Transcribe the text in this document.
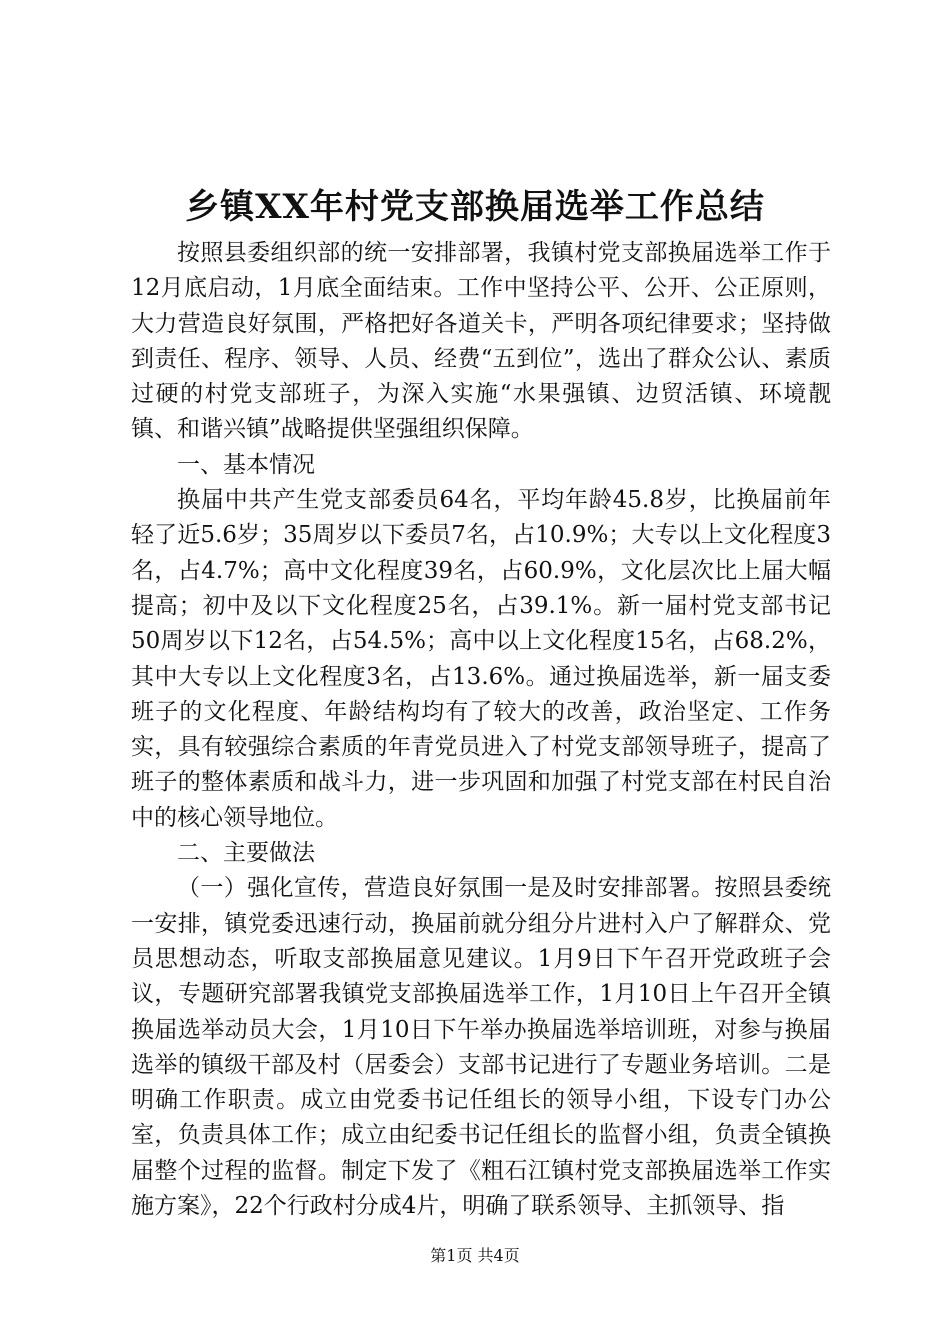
乡镇XX年村党支部换届选举工作总结

按照县委组织部的统一安排部署，我镇村党支部换届选举工作于12月底启动，1月底全面结束。工作中坚持公平、公开、公正原则，大力营造良好氛围，严格把好各道关卡，严明各项纪律要求；坚持做到责任、程序、领导、人员、经费“五到位”，选出了群众公认、素质过硬的村党支部班子，为深入实施“水果强镇、边贸活镇、环境靓镇、和谐兴镇”战略提供坚强组织保障。

一、基本情况

换届中共产生党支部委员64名，平均年龄45.8岁，比换届前年轻了近5.6岁；35周岁以下委员7名，占10.9%；大专以上文化程度3名，占4.7%；高中文化程度39名，占60.9%，文化层次比上届大幅提高；初中及以下文化程度25名，占39.1%。新一届村党支部书记50周岁以下12名，占54.5%；高中以上文化程度15名，占68.2%，其中大专以上文化程度3名，占13.6%。通过换届选举，新一届支委班子的文化程度、年龄结构均有了较大的改善，政治坚定、工作务实，具有较强综合素质的年青党员进入了村党支部领导班子，提高了班子的整体素质和战斗力，进一步巩固和加强了村党支部在村民自治中的核心领导地位。

二、主要做法

（一）强化宣传，营造良好氛围一是及时安排部署。按照县委统一安排，镇党委迅速行动，换届前就分组分片进村入户了解群众、党员思想动态，听取支部换届意见建议。1月9日下午召开党政班子会议，专题研究部署我镇党支部换届选举工作，1月10日上午召开全镇换届选举动员大会，1月10日下午举办换届选举培训班，对参与换届选举的镇级干部及村（居委会）支部书记进行了专题业务培训。二是明确工作职责。成立由党委书记任组长的领导小组，下设专门办公室，负责具体工作；成立由纪委书记任组长的监督小组，负责全镇换届整个过程的监督。制定下发了《粗石江镇村党支部换届选举工作实施方案》，22个行政村分成4片，明确了联系领导、主抓领导、指

第1页 共4页
